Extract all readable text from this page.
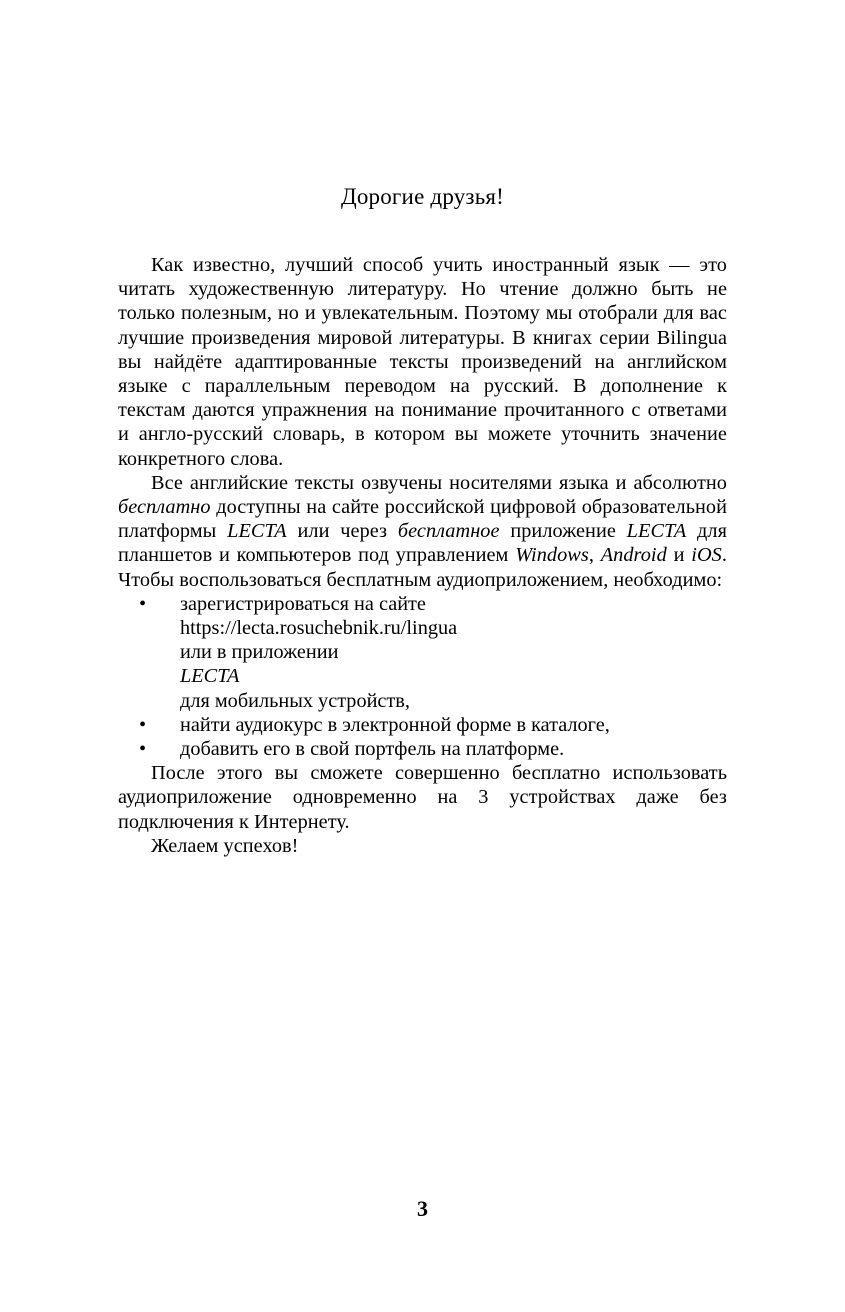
Дорогие друзья!

Как известно, лучший способ учить иностранный язык — это читать художественную литературу. Но чтение должно быть не только полезным, но и увлекательным. Поэтому мы отобрали для вас лучшие произведения мировой литературы. В книгах серии Bilingua вы найдёте адаптированные тексты произведений на английском языке с параллельным переводом на русский. В дополнение к текстам даются упражнения на понимание прочитанного с ответами и англо-русский словарь, в котором вы можете уточнить значение конкретного слова.

Все английские тексты озвучены носителями языка и абсолютно бесплатно доступны на сайте российской цифровой образовательной платформы LECTA или через бесплатное приложение LECTA для планшетов и компьютеров под управлением Windows, Android и iOS. Чтобы воспользоваться бесплатным аудиоприложением, необходимо:

• зарегистрироваться на сайте
https://lecta.rosuchebnik.ru/lingua
или в приложении
LECTA
для мобильных устройств,
• найти аудиокурс в электронной форме в каталоге,
• добавить его в свой портфель на платформе.

После этого вы сможете совершенно бесплатно использовать аудиоприложение одновременно на 3 устройствах даже без подключения к Интернету.

Желаем успехов!

3
